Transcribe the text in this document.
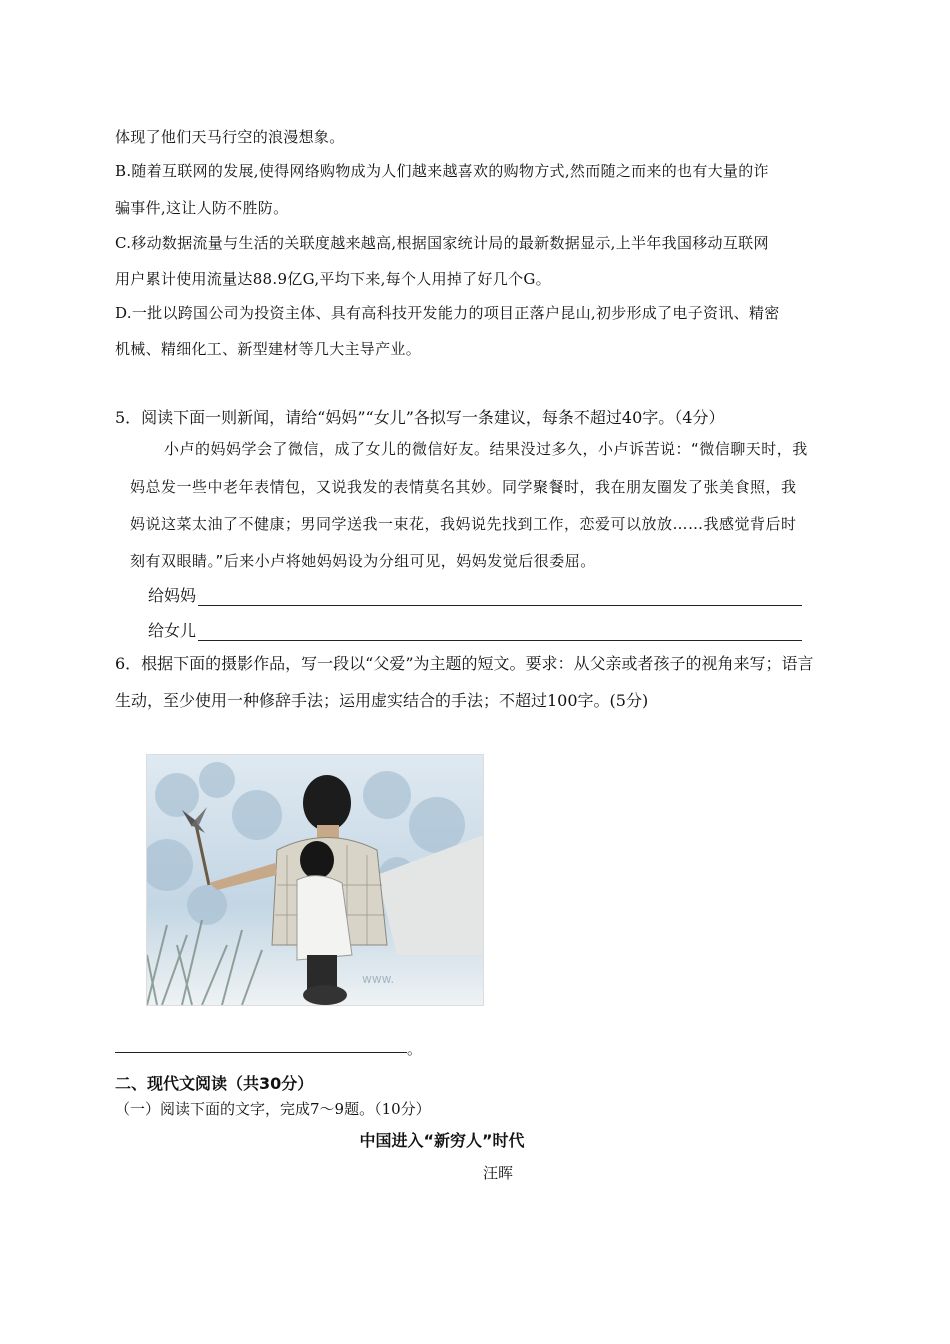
体现了他们天马行空的浪漫想象。
B.随着互联网的发展,使得网络购物成为人们越来越喜欢的购物方式,然而随之而来的也有大量的诈
骗事件,这让人防不胜防。
C.移动数据流量与生活的关联度越来越高,根据国家统计局的最新数据显示,上半年我国移动互联网
用户累计使用流量达88.9亿G,平均下来,每个人用掉了好几个G。
D.一批以跨国公司为投资主体、具有高科技开发能力的项目正落户昆山,初步形成了电子资讯、精密
机械、精细化工、新型建材等几大主导产业。
5．阅读下面一则新闻，请给“妈妈”“女儿”各拟写一条建议，每条不超过40字。（4分）
小卢的妈妈学会了微信，成了女儿的微信好友。结果没过多久，小卢诉苦说：“微信聊天时，我
妈总发一些中老年表情包，又说我发的表情莫名其妙。同学聚餐时，我在朋友圈发了张美食照，我
妈说这菜太油了不健康；男同学送我一束花，我妈说先找到工作，恋爱可以放放……我感觉背后时
刻有双眼睛。”后来小卢将她妈妈设为分组可见，妈妈发觉后很委屈。
给妈妈
给女儿
6．根据下面的摄影作品，写一段以“父爱”为主题的短文。要求：从父亲或者孩子的视角来写；语言
生动，至少使用一种修辞手法；运用虚实结合的手法；不超过100字。(5分)
www.
。
二、现代文阅读（共30分）
（一）阅读下面的文字，完成7～9题。（10分）
中国进入“新穷人”时代
汪晖
